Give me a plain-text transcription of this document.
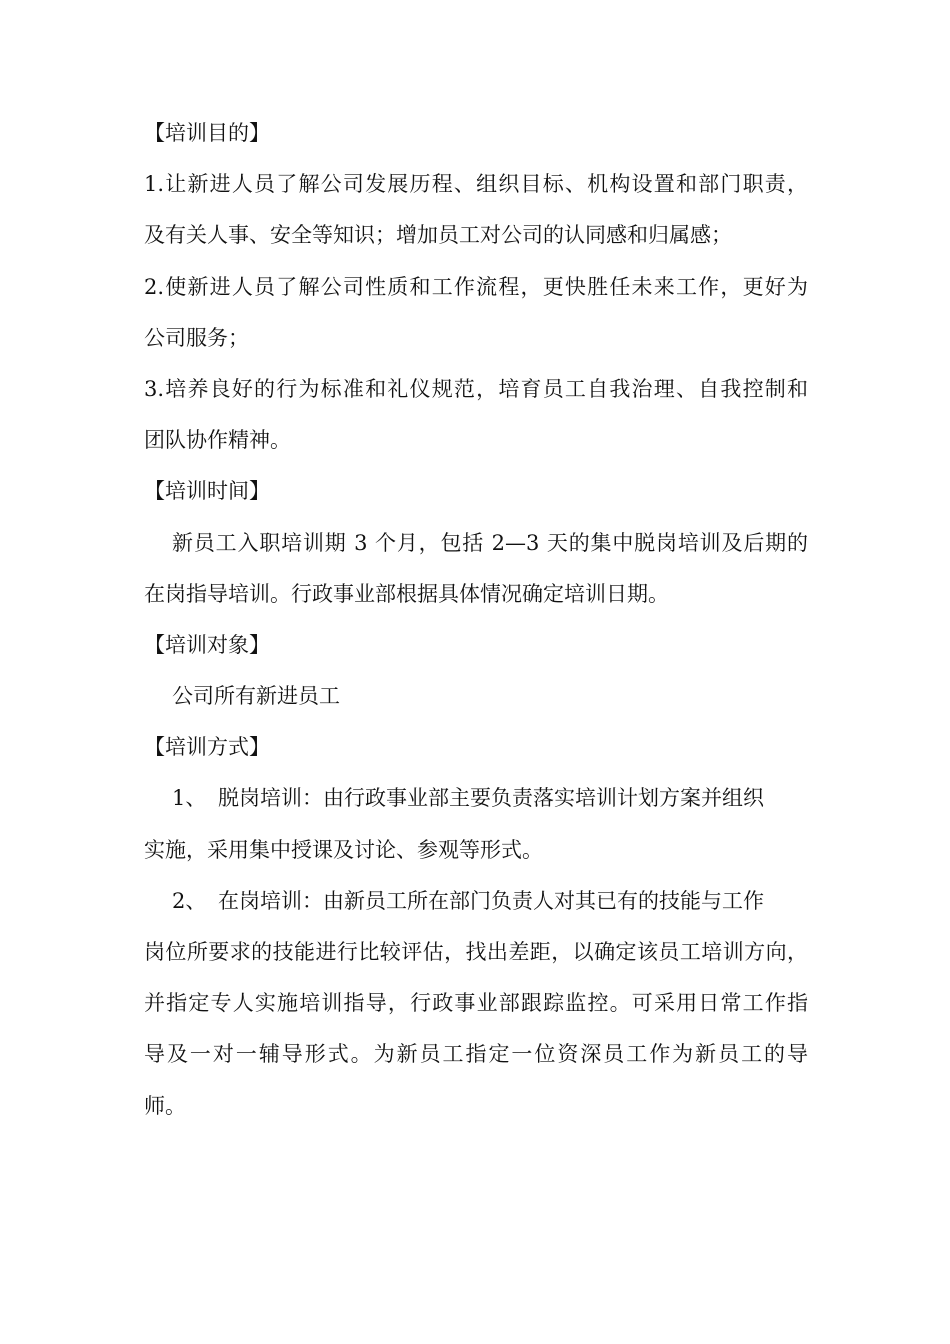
【培训目的】
1.让新进人员了解公司发展历程、组织目标、机构设置和部门职责，
及有关人事、安全等知识；增加员工对公司的认同感和归属感；
2.使新进人员了解公司性质和工作流程，更快胜任未来工作，更好为
公司服务；
3.培养良好的行为标准和礼仪规范，培育员工自我治理、自我控制和
团队协作精神。
【培训时间】
新员工入职培训期 3 个月，包括 2—3 天的集中脱岗培训及后期的
在岗指导培训。行政事业部根据具体情况确定培训日期。
【培训对象】
公司所有新进员工
【培训方式】
1、 脱岗培训：由行政事业部主要负责落实培训计划方案并组织
实施，采用集中授课及讨论、参观等形式。
2、 在岗培训：由新员工所在部门负责人对其已有的技能与工作
岗位所要求的技能进行比较评估，找出差距，以确定该员工培训方向，
并指定专人实施培训指导，行政事业部跟踪监控。可采用日常工作指
导及一对一辅导形式。为新员工指定一位资深员工作为新员工的导
师。
